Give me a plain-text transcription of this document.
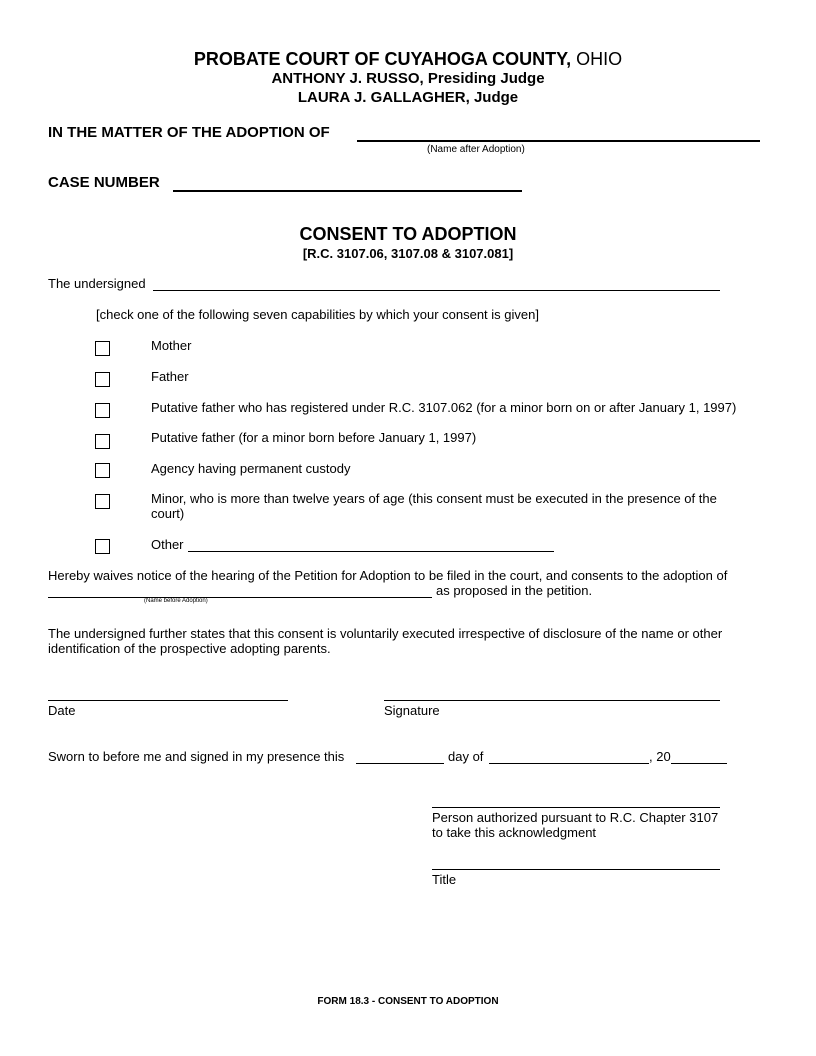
PROBATE COURT OF CUYAHOGA COUNTY, OHIO
ANTHONY J. RUSSO, Presiding Judge
LAURA J. GALLAGHER, Judge
IN THE MATTER OF THE ADOPTION OF
(Name after Adoption)
CASE NUMBER
CONSENT TO ADOPTION
[R.C. 3107.06, 3107.08 & 3107.081]
The undersigned
[check one of the following seven capabilities by which your consent is given]
Mother
Father
Putative father who has registered under R.C. 3107.062 (for a minor born on or after January 1, 1997)
Putative father (for a minor born before January 1, 1997)
Agency having permanent custody
Minor, who is more than twelve years of age (this consent must be executed in the presence of the court)
Other
Hereby waives notice of the hearing of the Petition for Adoption to be filed in the court, and consents to the adoption of
as proposed in the petition.
(Name before Adoption)
The undersigned further states that this consent is voluntarily executed irrespective of disclosure of the name or other identification of the prospective adopting parents.
Date	Signature
Sworn to before me and signed in my presence this	day of	, 20
Person authorized pursuant to R.C. Chapter 3107 to take this acknowledgment
Title
FORM 18.3 - CONSENT TO ADOPTION
